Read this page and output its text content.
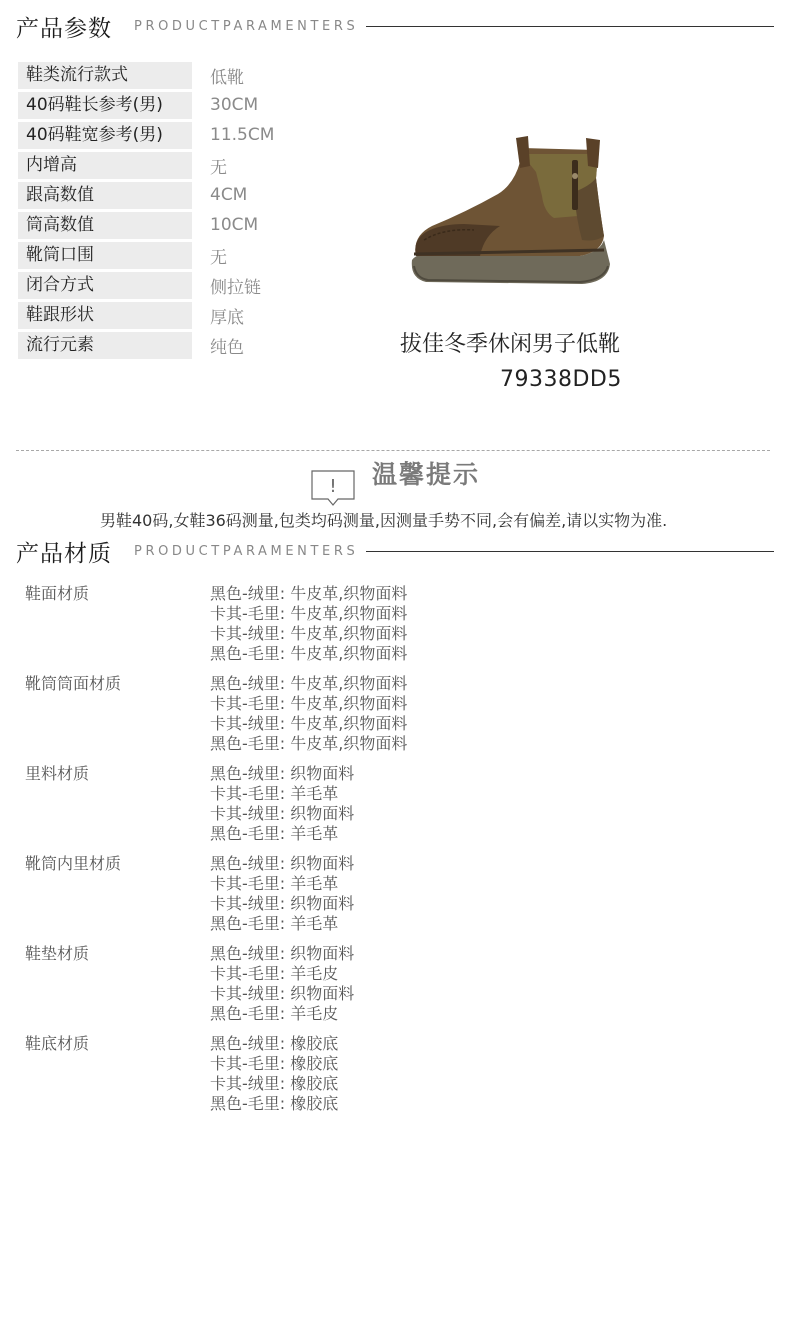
产品参数 PRODUCTPARAMENTERS
鞋类流行款式	低靴
40码鞋长参考(男)	30CM
40码鞋宽参考(男)	11.5CM
内增高	无
跟高数值	4CM
筒高数值	10CM
靴筒口围	无
闭合方式	侧拉链
鞋跟形状	厚底
流行元素	纯色	拔佳冬季休闲男子低靴
79338DD5
! 温馨提示
男鞋40码,女鞋36码测量,包类均码测量,因测量手势不同,会有偏差,请以实物为准.
产品材质 PRODUCTPARAMENTERS
鞋面材质	黑色-绒里: 牛皮革,织物面料
卡其-毛里: 牛皮革,织物面料
卡其-绒里: 牛皮革,织物面料
黑色-毛里: 牛皮革,织物面料
靴筒筒面材质	黑色-绒里: 牛皮革,织物面料
卡其-毛里: 牛皮革,织物面料
卡其-绒里: 牛皮革,织物面料
黑色-毛里: 牛皮革,织物面料
里料材质	黑色-绒里: 织物面料
卡其-毛里: 羊毛革
卡其-绒里: 织物面料
黑色-毛里: 羊毛革
靴筒内里材质	黑色-绒里: 织物面料
卡其-毛里: 羊毛革
卡其-绒里: 织物面料
黑色-毛里: 羊毛革
鞋垫材质	黑色-绒里: 织物面料
卡其-毛里: 羊毛皮
卡其-绒里: 织物面料
黑色-毛里: 羊毛皮
鞋底材质	黑色-绒里: 橡胶底
卡其-毛里: 橡胶底
卡其-绒里: 橡胶底
黑色-毛里: 橡胶底
